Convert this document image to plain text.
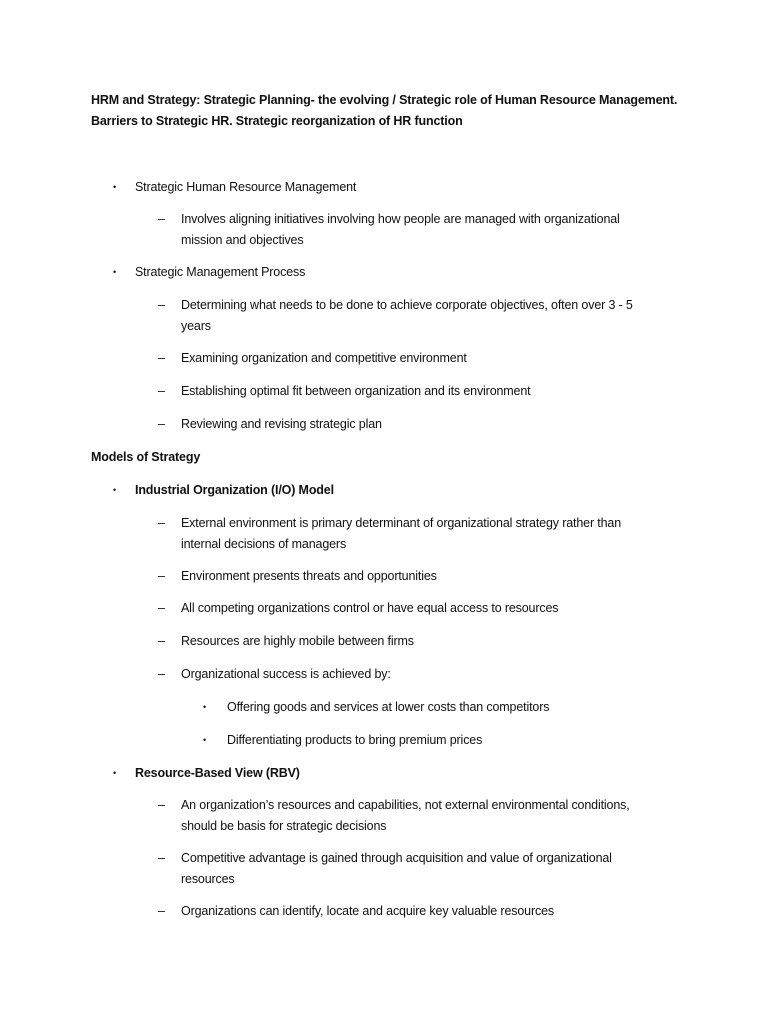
HRM and Strategy: Strategic Planning- the evolving / Strategic role of Human Resource Management.
Barriers to Strategic HR. Strategic reorganization of HR function
• Strategic Human Resource Management
– Involves aligning initiatives involving how people are managed with organizational mission and objectives
• Strategic Management Process
– Determining what needs to be done to achieve corporate objectives, often over 3 - 5 years
– Examining organization and competitive environment
– Establishing optimal fit between organization and its environment
– Reviewing and revising strategic plan
Models of Strategy
• Industrial Organization (I/O) Model
– External environment is primary determinant of organizational strategy rather than internal decisions of managers
– Environment presents threats and opportunities
– All competing organizations control or have equal access to resources
– Resources are highly mobile between firms
– Organizational success is achieved by:
• Offering goods and services at lower costs than competitors
• Differentiating products to bring premium prices
• Resource-Based View (RBV)
– An organization’s resources and capabilities, not external environmental conditions, should be basis for strategic decisions
– Competitive advantage is gained through acquisition and value of organizational resources
– Organizations can identify, locate and acquire key valuable resources
